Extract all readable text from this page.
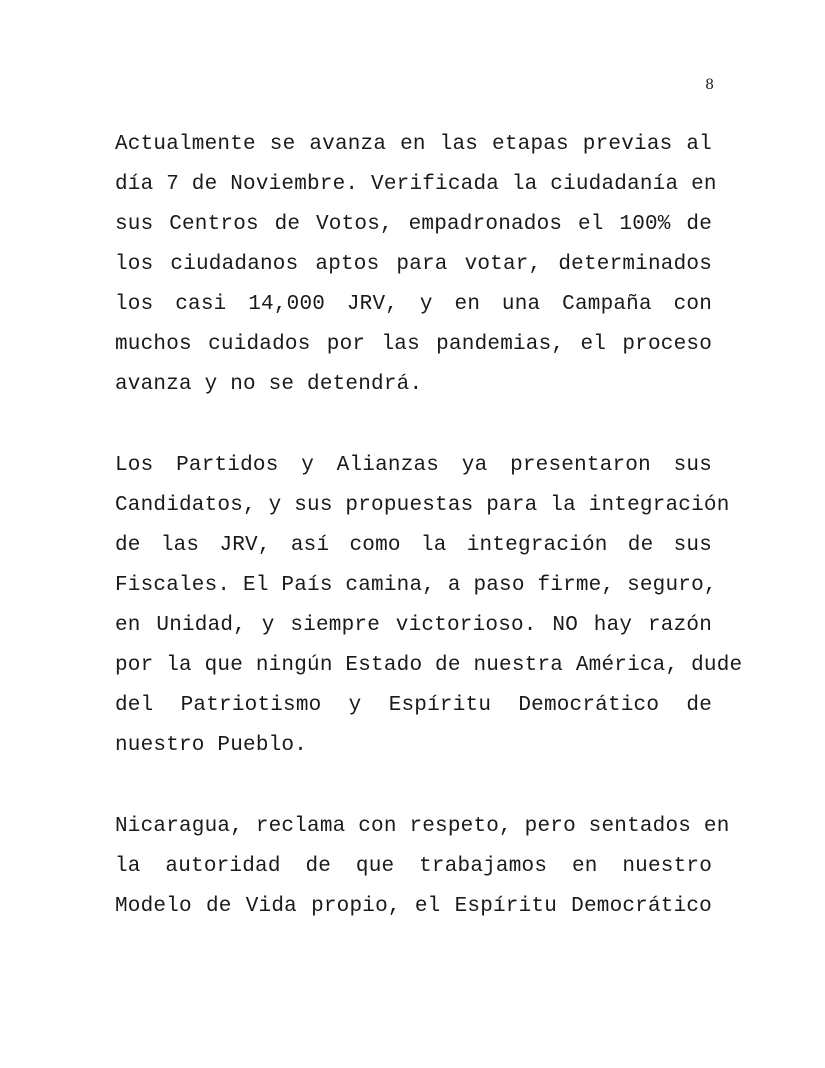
8
Actualmente se avanza en las etapas previas al
día 7 de Noviembre. Verificada la ciudadanía en
sus Centros de Votos, empadronados el 100% de
los ciudadanos aptos para votar, determinados
los casi 14,000 JRV, y en una Campaña con
muchos cuidados por las pandemias, el proceso
avanza y no se detendrá.
Los Partidos y Alianzas ya presentaron sus
Candidatos, y sus propuestas para la integración
de las JRV, así como la integración de sus
Fiscales. El País camina, a paso firme, seguro,
en Unidad, y siempre victorioso. NO hay razón
por la que ningún Estado de nuestra América, dude
del Patriotismo y Espíritu Democrático de
nuestro Pueblo.
Nicaragua, reclama con respeto, pero sentados en
la autoridad de que trabajamos en nuestro
Modelo de Vida propio, el Espíritu Democrático
